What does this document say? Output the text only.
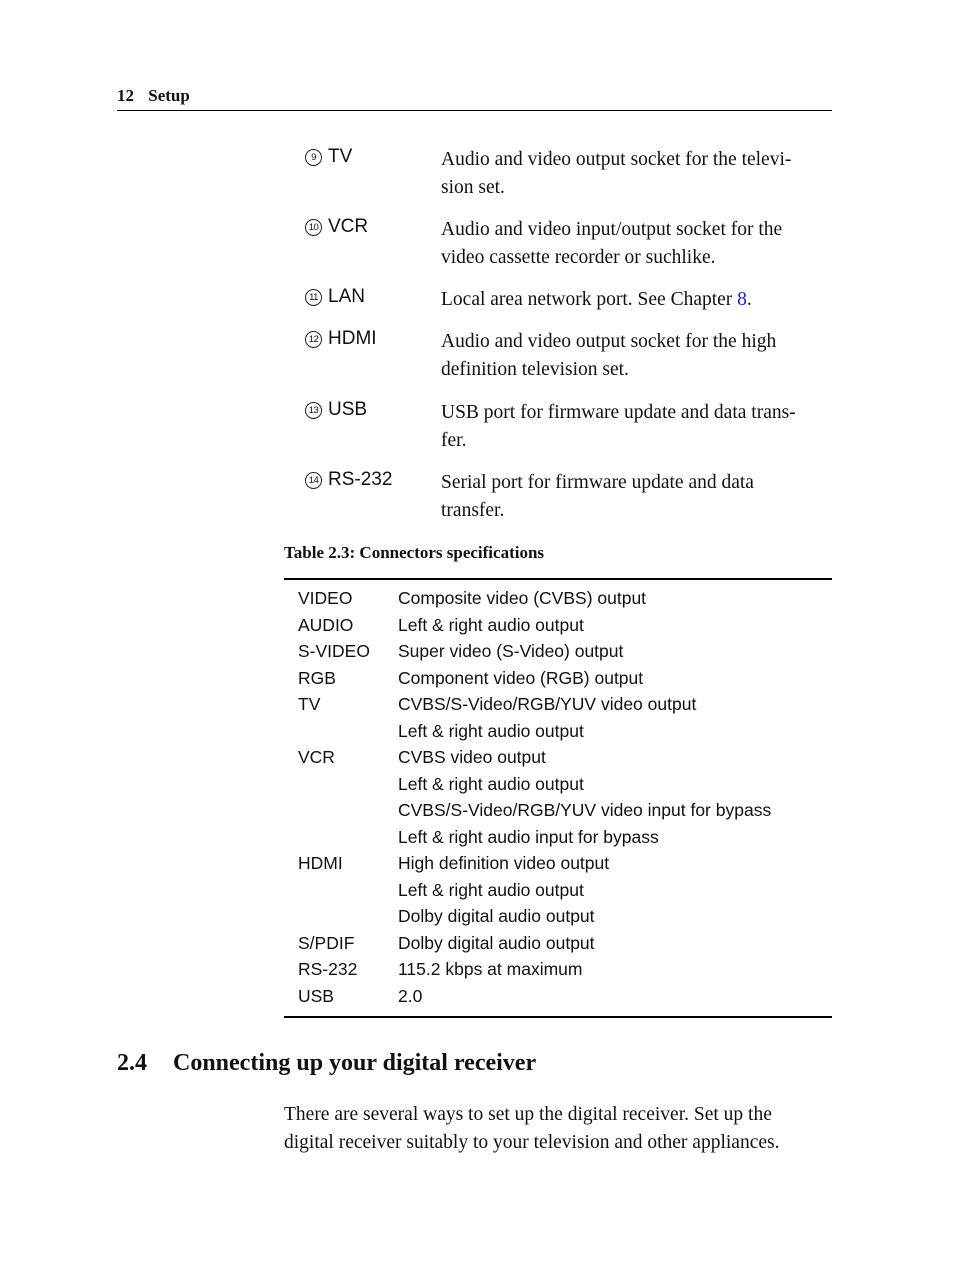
12 Setup
9 TV	Audio and video output socket for the televi-
sion set.
10 VCR	Audio and video input/output socket for the
video cassette recorder or suchlike.
11 LAN	Local area network port. See Chapter 8.
12 HDMI	Audio and video output socket for the high
definition television set.
13 USB	USB port for firmware update and data trans-
fer.
14 RS-232	Serial port for firmware update and data
transfer.
Table 2.3: Connectors specifications
VIDEO	Composite video (CVBS) output
AUDIO	Left & right audio output
S-VIDEO Super video (S-Video) output
RGB	Component video (RGB) output
TV	CVBS/S-Video/RGB/YUV video output
Left & right audio output
VCR	CVBS video output
Left & right audio output
CVBS/S-Video/RGB/YUV video input for bypass
Left & right audio input for bypass
HDMI	High definition video output
Left & right audio output
Dolby digital audio output
S/PDIF Dolby digital audio output
RS-232 115.2 kbps at maximum
USB	2.0
2.4 Connecting up your digital receiver
There are several ways to set up the digital receiver. Set up the
digital receiver suitably to your television and other appliances.
